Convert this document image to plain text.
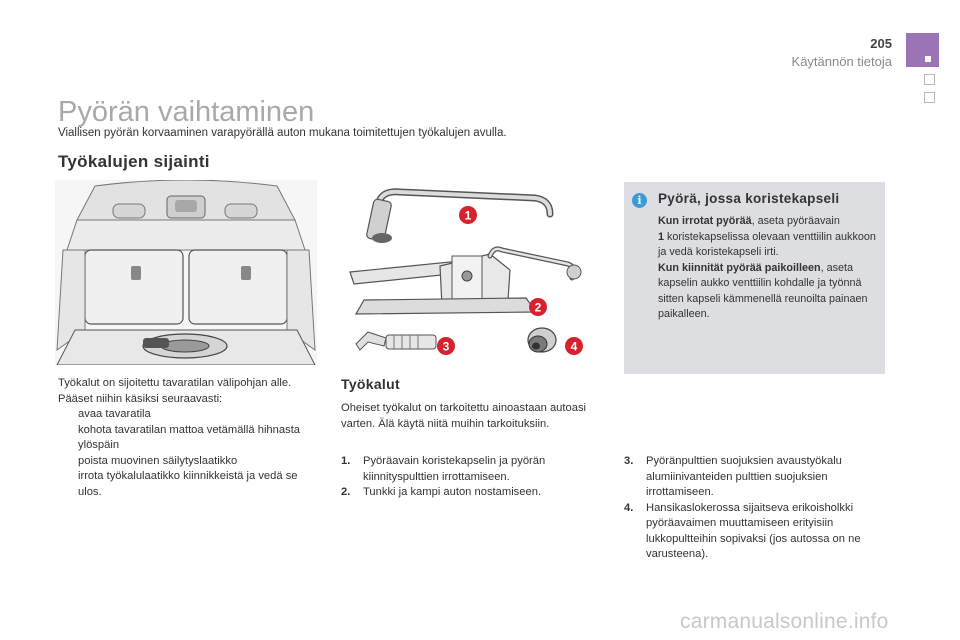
205
Käytännön tietoja
Pyörän vaihtaminen
Viallisen pyörän korvaaminen varapyörällä auton mukana toimitettujen työkalujen avulla.
Työkalujen sijainti
1
2
3	4
Työkalut on sijoitettu tavaratilan välipohjan alle.
Pääset niihin käsiksi seuraavasti:
avaa tavaratila
kohota tavaratilan mattoa vetämällä hihnasta ylöspäin
poista muovinen säilytyslaatikko
irrota työkalulaatikko kiinnikkeistä ja vedä se ulos.
Työkalut
Oheiset työkalut on tarkoitettu ainoastaan autoasi varten. Älä käytä niitä muihin tarkoituksiin.
1.	Pyöräavain koristekapselin ja pyörän kiinnityspulttien irrottamiseen.
2.	Tunkki ja kampi auton nostamiseen.
3.	Pyöränpulttien suojuksien avaustyökalu alumiinivanteiden pulttien suojuksien irrottamiseen.
4.	Hansikaslokerossa sijaitseva erikoisholkki pyöräavaimen muuttamiseen erityisiin lukkopultteihin sopivaksi (jos autossa on ne varusteena).
i	Pyörä, jossa koristekapseli
Kun irrotat pyörää, aseta pyöräavain
1 koristekapselissa olevaan venttiilin aukkoon ja vedä koristekapseli irti.
Kun kiinnität pyörää paikoilleen, aseta kapselin aukko venttiilin kohdalle ja työnnä sitten kapseli kämmenellä reunoilta painaen paikalleen.
carmanualsonline.info
